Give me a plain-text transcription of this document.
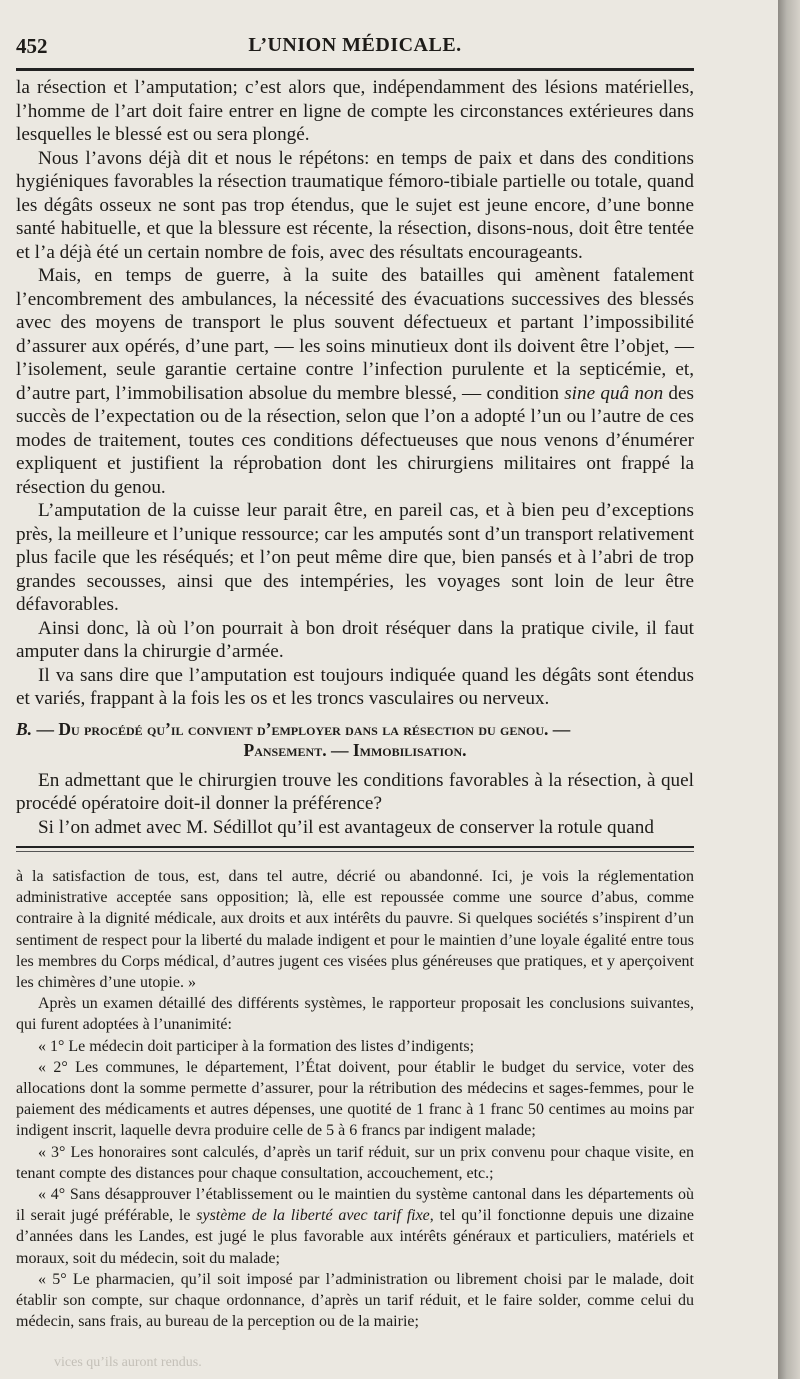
452	L’UNION MÉDICALE.

la résection et l’amputation; c’est alors que, indépendamment des lésions matérielles, l’homme de l’art doit faire entrer en ligne de compte les circonstances extérieures dans lesquelles le blessé est ou sera plongé.

Nous l’avons déjà dit et nous le répétons: en temps de paix et dans des conditions hygiéniques favorables la résection traumatique fémoro-tibiale partielle ou totale, quand les dégâts osseux ne sont pas trop étendus, que le sujet est jeune encore, d’une bonne santé habituelle, et que la blessure est récente, la résection, disons-nous, doit être tentée et l’a déjà été un certain nombre de fois, avec des résultats encourageants.

Mais, en temps de guerre, à la suite des batailles qui amènent fatalement l’encombrement des ambulances, la nécessité des évacuations successives des blessés avec des moyens de transport le plus souvent défectueux et partant l’impossibilité d’assurer aux opérés, d’une part, — les soins minutieux dont ils doivent être l’objet, — l’isolement, seule garantie certaine contre l’infection purulente et la septicémie, et, d’autre part, l’immobilisation absolue du membre blessé, — condition sine quâ non des succès de l’expectation ou de la résection, selon que l’on a adopté l’un ou l’autre de ces modes de traitement, toutes ces conditions défectueuses que nous venons d’énumérer expliquent et justifient la réprobation dont les chirurgiens militaires ont frappé la résection du genou.

L’amputation de la cuisse leur parait être, en pareil cas, et à bien peu d’exceptions près, la meilleure et l’unique ressource; car les amputés sont d’un transport relativement plus facile que les réséqués; et l’on peut même dire que, bien pansés et à l’abri de trop grandes secousses, ainsi que des intempéries, les voyages sont loin de leur être défavorables.

Ainsi donc, là où l’on pourrait à bon droit réséquer dans la pratique civile, il faut amputer dans la chirurgie d’armée.

Il va sans dire que l’amputation est toujours indiquée quand les dégâts sont étendus et variés, frappant à la fois les os et les troncs vasculaires ou nerveux.

B. — Du procédé qu’il convient d’employer dans la résection du genou. —
Pansement. — Immobilisation.

En admettant que le chirurgien trouve les conditions favorables à la résection, à quel procédé opératoire doit-il donner la préférence?

Si l’on admet avec M. Sédillot qu’il est avantageux de conserver la rotule quand

à la satisfaction de tous, est, dans tel autre, décrié ou abandonné. Ici, je vois la réglementation administrative acceptée sans opposition; là, elle est repoussée comme une source d’abus, comme contraire à la dignité médicale, aux droits et aux intérêts du pauvre. Si quelques sociétés s’inspirent d’un sentiment de respect pour la liberté du malade indigent et pour le maintien d’une loyale égalité entre tous les membres du Corps médical, d’autres jugent ces visées plus généreuses que pratiques, et y aperçoivent les chimères d’une utopie. »

Après un examen détaillé des différents systèmes, le rapporteur proposait les conclusions suivantes, qui furent adoptées à l’unanimité:

« 1° Le médecin doit participer à la formation des listes d’indigents;

« 2° Les communes, le département, l’État doivent, pour établir le budget du service, voter des allocations dont la somme permette d’assurer, pour la rétribution des médecins et sages-femmes, pour le paiement des médicaments et autres dépenses, une quotité de 1 franc à 1 franc 50 centimes au moins par indigent inscrit, laquelle devra produire celle de 5 à 6 francs par indigent malade;

« 3° Les honoraires sont calculés, d’après un tarif réduit, sur un prix convenu pour chaque visite, en tenant compte des distances pour chaque consultation, accouchement, etc.;

« 4° Sans désapprouver l’établissement ou le maintien du système cantonal dans les départements où il serait jugé préférable, le système de la liberté avec tarif fixe, tel qu’il fonctionne depuis une dizaine d’années dans les Landes, est jugé le plus favorable aux intérêts généraux et particuliers, matériels et moraux, soit du médecin, soit du malade;

« 5° Le pharmacien, qu’il soit imposé par l’administration ou librement choisi par le malade, doit établir son compte, sur chaque ordonnance, d’après un tarif réduit, et le faire solder, comme celui du médecin, sans frais, au bureau de la perception ou de la mairie;

vices qu’ils auront rendus.
